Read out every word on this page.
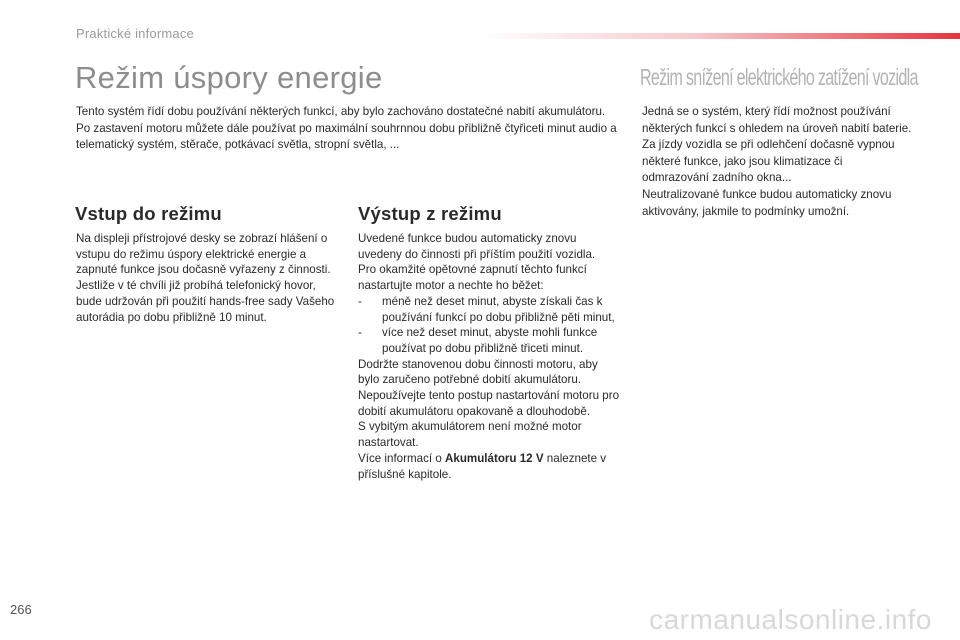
Praktické informace
Režim úspory energie

Tento systém řídí dobu používání některých funkcí, aby bylo zachováno dostatečné nabití akumulátoru.

Po zastavení motoru můžete dále používat po maximální souhrnnou dobu přibližně čtyřiceti minut audio a telematický systém, stěrače, potkávací světla, stropní světla, ...

Režim snížení elektrického zatížení vozidla

Jedná se o systém, který řídí možnost používání některých funkcí s ohledem na úroveň nabití baterie.

Za jízdy vozidla se při odlehčení dočasně vypnou některé funkce, jako jsou klimatizace či odmrazování zadního okna...

Neutralizované funkce budou automaticky znovu aktivovány, jakmile to podmínky umožní.

Vstup do režimu

Na displeji přístrojové desky se zobrazí hlášení o vstupu do režimu úspory elektrické energie a zapnuté funkce jsou dočasně vyřazeny z činnosti.

Jestliže v té chvíli již probíhá telefonický hovor, bude udržován při použití hands-free sady Vašeho autorádia po dobu přibližně 10 minut.

Výstup z režimu

Uvedené funkce budou automaticky znovu uvedeny do činnosti při příštím použití vozidla.

Pro okamžité opětovné zapnutí těchto funkcí nastartujte motor a nechte ho běžet:

- méně než deset minut, abyste získali čas k používání funkcí po dobu přibližně pěti minut,

- více než deset minut, abyste mohli funkce používat po dobu přibližně třiceti minut.

Dodržte stanovenou dobu činnosti motoru, aby bylo zaručeno potřebné dobití akumulátoru.

Nepoužívejte tento postup nastartování motoru pro dobití akumulátoru opakovaně a dlouhodobě.

S vybitým akumulátorem není možné motor nastartovat.

Více informací o Akumulátoru 12 V naleznete v příslušné kapitole.

266	carmanualsonline.info
